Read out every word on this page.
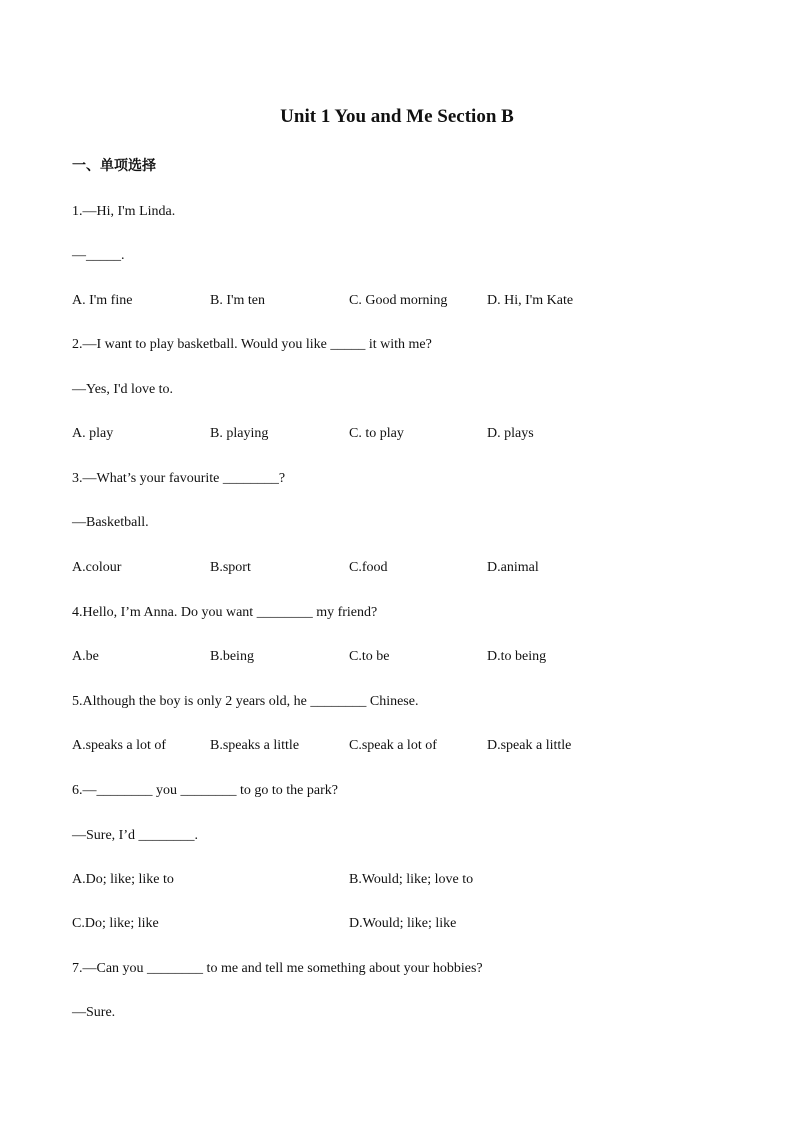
Unit 1 You and Me Section B
一、单项选择
1.—Hi, I'm Linda.
—_____.
A. I'm fine	B. I'm ten	C. Good morning	D. Hi, I'm Kate
2.—I want to play basketball. Would you like _____ it with me?
—Yes, I'd love to.
A. play	B. playing	C. to play	D. plays
3.—What’s your favourite ________?
—Basketball.
A.colour	B.sport	C.food	D.animal
4.Hello, I’m Anna. Do you want ________ my friend?
A.be	B.being	C.to be	D.to being
5.Although the boy is only 2 years old, he ________ Chinese.
A.speaks a lot of	B.speaks a little	C.speak a lot of	D.speak a little
6.—________ you ________ to go to the park?
—Sure, I’d ________.
A.Do; like; like to	B.Would; like; love to
C.Do; like; like	D.Would; like; like
7.—Can you ________ to me and tell me something about your hobbies?
—Sure.
